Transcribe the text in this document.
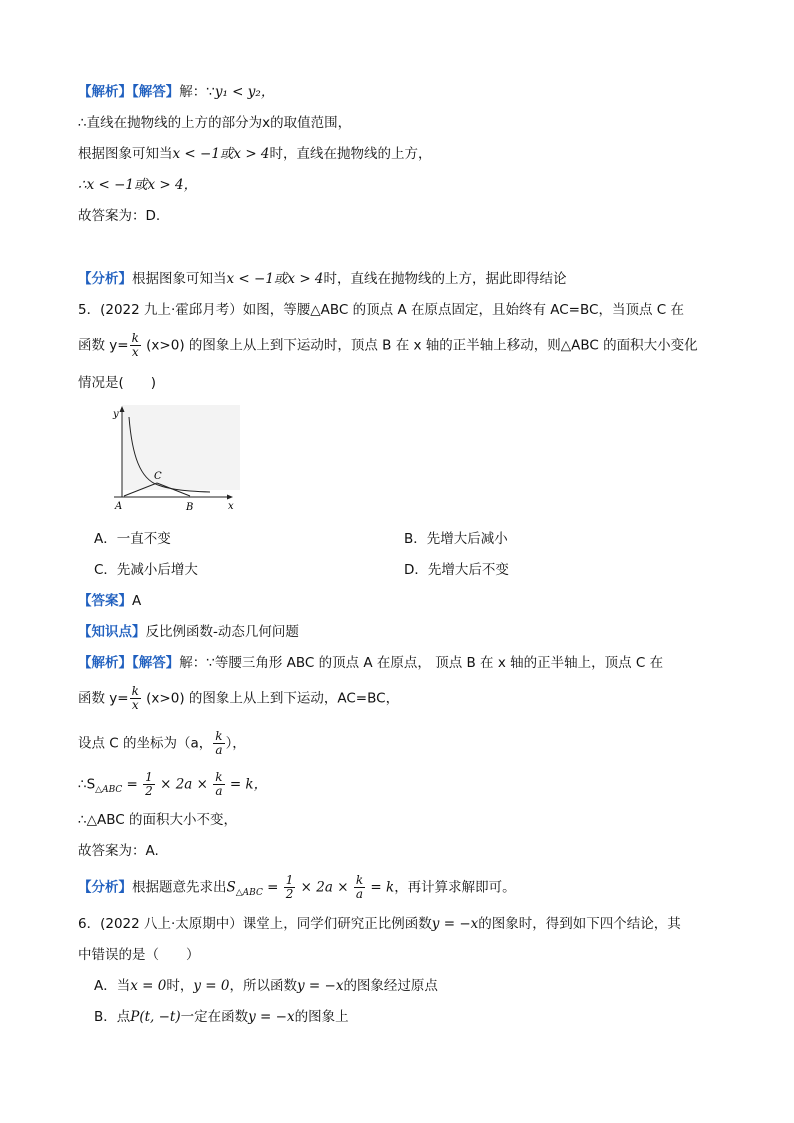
【解析】【解答】解：∵y₁ < y₂，
∴直线在抛物线的上方的部分为x的取值范围，
根据图象可知当x < −1或x > 4时，直线在抛物线的上方，
∴x < −1或x > 4，
故答案为：D.
【分析】根据图象可知当x < −1或x > 4时，直线在抛物线的上方，据此即得结论
5．(2022 九上·霍邱月考）如图，等腰△ABC 的顶点 A 在原点固定，且始终有 AC=BC，当顶点 C 在
函数 $y= \frac{k}{x} (x>0)$ 的图象上从上到下运动时，顶点 B 在 x 轴的正半轴上移动，则△ABC 的面积大小变化
情况是(　　)
y
x
A	B
C
A．一直不变	B．先增大后减小
C．先减小后增大	D．先增大后不变
【答案】A
【知识点】反比例函数-动态几何问题
【解析】【解答】解：∵等腰三角形 ABC 的顶点 A 在原点， 顶点 B 在 x 轴的正半轴上，顶点 C 在
函数 $y= \frac{k}{x} (x>0)$ 的图象上从上到下运动，AC=BC，
设点 C 的坐标为（a， $\frac{k}{a}$ ），
$\therefore S_{\triangle ABC} = \frac{1}{2} \times 2a \times \frac{k}{a} = k$，
∴△ABC 的面积大小不变，
故答案为：A.
【分析】根据题意先求出$S_{\triangle ABC} = \frac{1}{2} \times 2a \times \frac{k}{a} = k$，再计算求解即可。
6．(2022 八上·太原期中）课堂上，同学们研究正比例函数y = −x的图象时，得到如下四个结论，其
中错误的是（　　）
A．当x = 0时，y = 0，所以函数y = −x的图象经过原点
B．点P(t, −t)一定在函数y = −x的图象上
